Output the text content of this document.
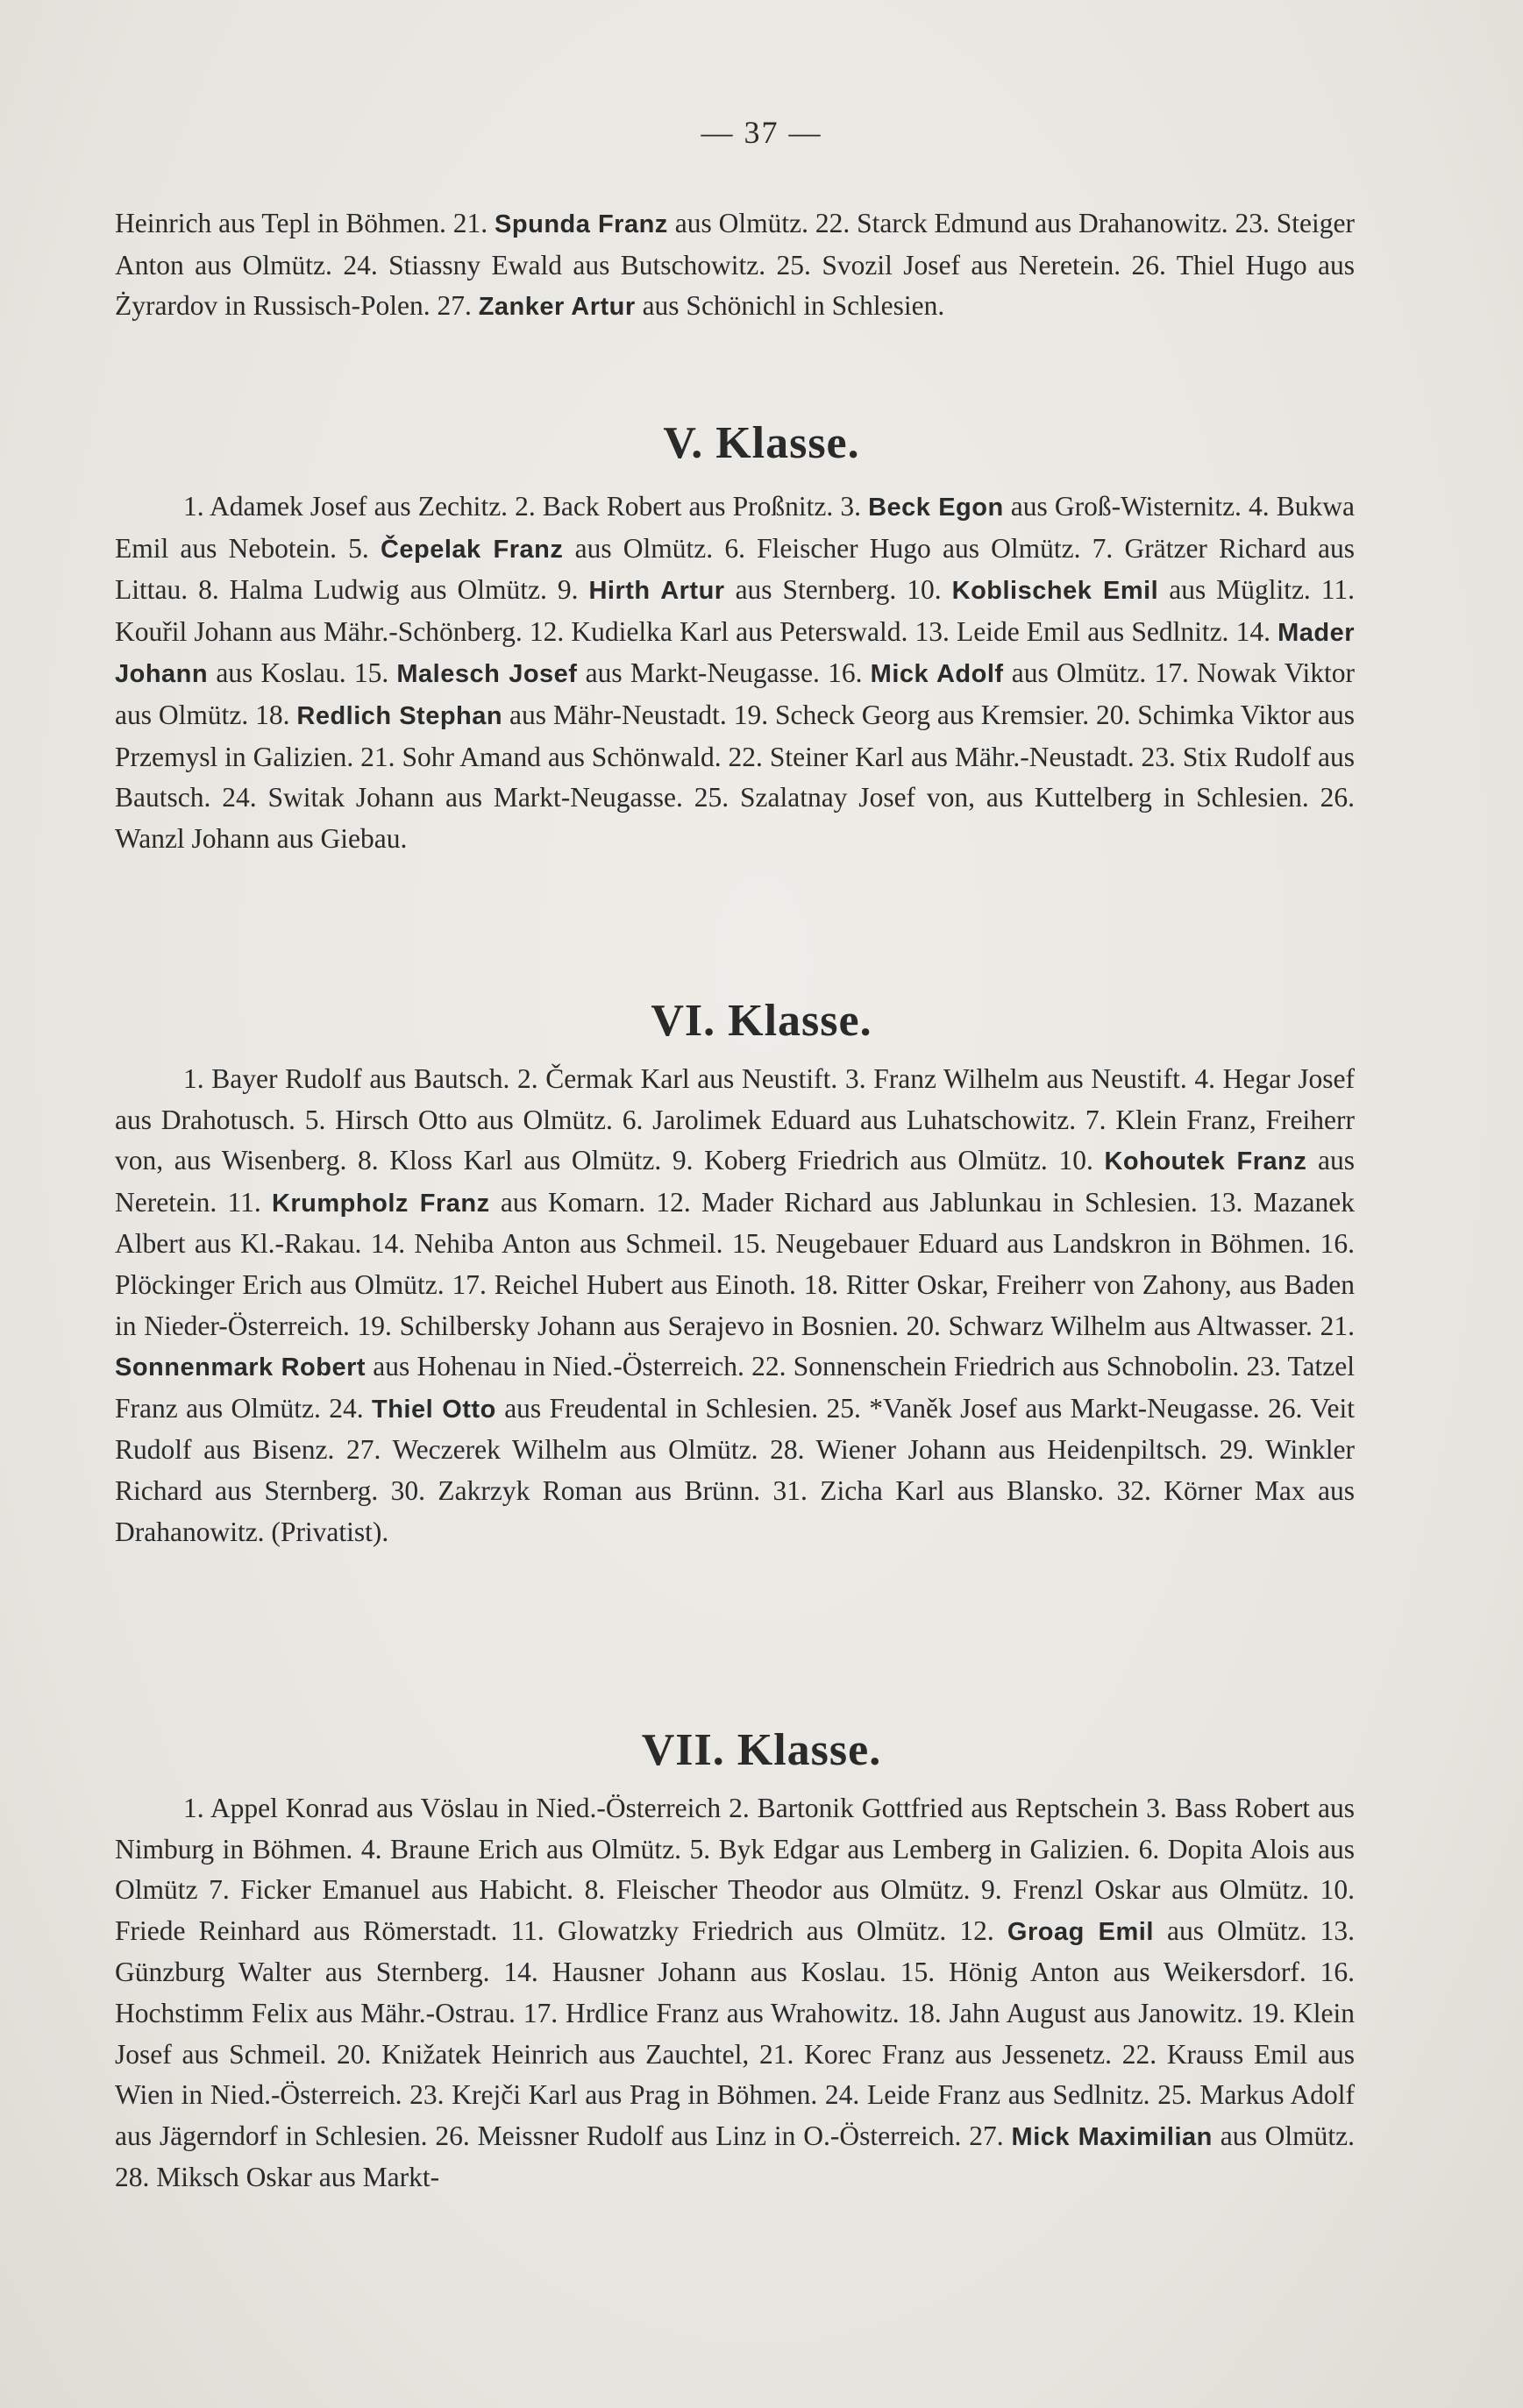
— 37 —

Heinrich aus Tepl in Böhmen. 21. Spunda Franz aus Olmütz. 22. Starck Edmund aus Drahanowitz. 23. Steiger Anton aus Olmütz. 24. Stiassny Ewald aus Butschowitz. 25. Svozil Josef aus Neretein. 26. Thiel Hugo aus Żyrardov in Russisch-Polen. 27. Zanker Artur aus Schönichl in Schlesien.

V. Klasse.

1. Adamek Josef aus Zechitz. 2. Back Robert aus Proßnitz. 3. Beck Egon aus Groß-Wisternitz. 4. Bukwa Emil aus Nebotein. 5. Čepelak Franz aus Olmütz. 6. Fleischer Hugo aus Olmütz. 7. Grätzer Richard aus Littau. 8. Halma Ludwig aus Olmütz. 9. Hirth Artur aus Sternberg. 10. Koblischek Emil aus Müglitz. 11. Kouřil Johann aus Mähr.-Schönberg. 12. Kudielka Karl aus Peterswald. 13. Leide Emil aus Sedlnitz. 14. Mader Johann aus Koslau. 15. Malesch Josef aus Markt-Neugasse. 16. Mick Adolf aus Olmütz. 17. Nowak Viktor aus Olmütz. 18. Redlich Stephan aus Mähr-Neustadt. 19. Scheck Georg aus Kremsier. 20. Schimka Viktor aus Przemysl in Galizien. 21. Sohr Amand aus Schönwald. 22. Steiner Karl aus Mähr.-Neustadt. 23. Stix Rudolf aus Bautsch. 24. Switak Johann aus Markt-Neugasse. 25. Szalatnay Josef von, aus Kuttelberg in Schlesien. 26. Wanzl Johann aus Giebau.

VI. Klasse.

1. Bayer Rudolf aus Bautsch. 2. Čermak Karl aus Neustift. 3. Franz Wilhelm aus Neustift. 4. Hegar Josef aus Drahotusch. 5. Hirsch Otto aus Olmütz. 6. Jarolimek Eduard aus Luhatschowitz. 7. Klein Franz, Freiherr von, aus Wisenberg. 8. Kloss Karl aus Olmütz. 9. Koberg Friedrich aus Olmütz. 10. Kohoutek Franz aus Neretein. 11. Krumpholz Franz aus Komarn. 12. Mader Richard aus Jablunkau in Schlesien. 13. Mazanek Albert aus Kl.-Rakau. 14. Nehiba Anton aus Schmeil. 15. Neugebauer Eduard aus Landskron in Böhmen. 16. Plöckinger Erich aus Olmütz. 17. Reichel Hubert aus Einoth. 18. Ritter Oskar, Freiherr von Zahony, aus Baden in Nieder-Österreich. 19. Schilbersky Johann aus Serajevo in Bosnien. 20. Schwarz Wilhelm aus Altwasser. 21. Sonnenmark Robert aus Hohenau in Nied.-Österreich. 22. Sonnenschein Friedrich aus Schnobolin. 23. Tatzel Franz aus Olmütz. 24. Thiel Otto aus Freudental in Schlesien. 25. *Vaněk Josef aus Markt-Neugasse. 26. Veit Rudolf aus Bisenz. 27. Weczerek Wilhelm aus Olmütz. 28. Wiener Johann aus Heidenpiltsch. 29. Winkler Richard aus Sternberg. 30. Zakrzyk Roman aus Brünn. 31. Zicha Karl aus Blansko. 32. Körner Max aus Drahanowitz. (Privatist).

VII. Klasse.

1. Appel Konrad aus Vöslau in Nied.-Österreich 2. Bartonik Gottfried aus Reptschein 3. Bass Robert aus Nimburg in Böhmen. 4. Braune Erich aus Olmütz. 5. Byk Edgar aus Lemberg in Galizien. 6. Dopita Alois aus Olmütz 7. Ficker Emanuel aus Habicht. 8. Fleischer Theodor aus Olmütz. 9. Frenzl Oskar aus Olmütz. 10. Friede Reinhard aus Römerstadt. 11. Glowatzky Friedrich aus Olmütz. 12. Groag Emil aus Olmütz. 13. Günzburg Walter aus Sternberg. 14. Hausner Johann aus Koslau. 15. Hönig Anton aus Weikersdorf. 16. Hochstimm Felix aus Mähr.-Ostrau. 17. Hrdlice Franz aus Wrahowitz. 18. Jahn August aus Janowitz. 19. Klein Josef aus Schmeil. 20. Knižatek Heinrich aus Zauchtel, 21. Korec Franz aus Jessenetz. 22. Krauss Emil aus Wien in Nied.-Österreich. 23. Krejči Karl aus Prag in Böhmen. 24. Leide Franz aus Sedlnitz. 25. Markus Adolf aus Jägerndorf in Schlesien. 26. Meissner Rudolf aus Linz in O.-Österreich. 27. Mick Maximilian aus Olmütz. 28. Miksch Oskar aus Markt-
